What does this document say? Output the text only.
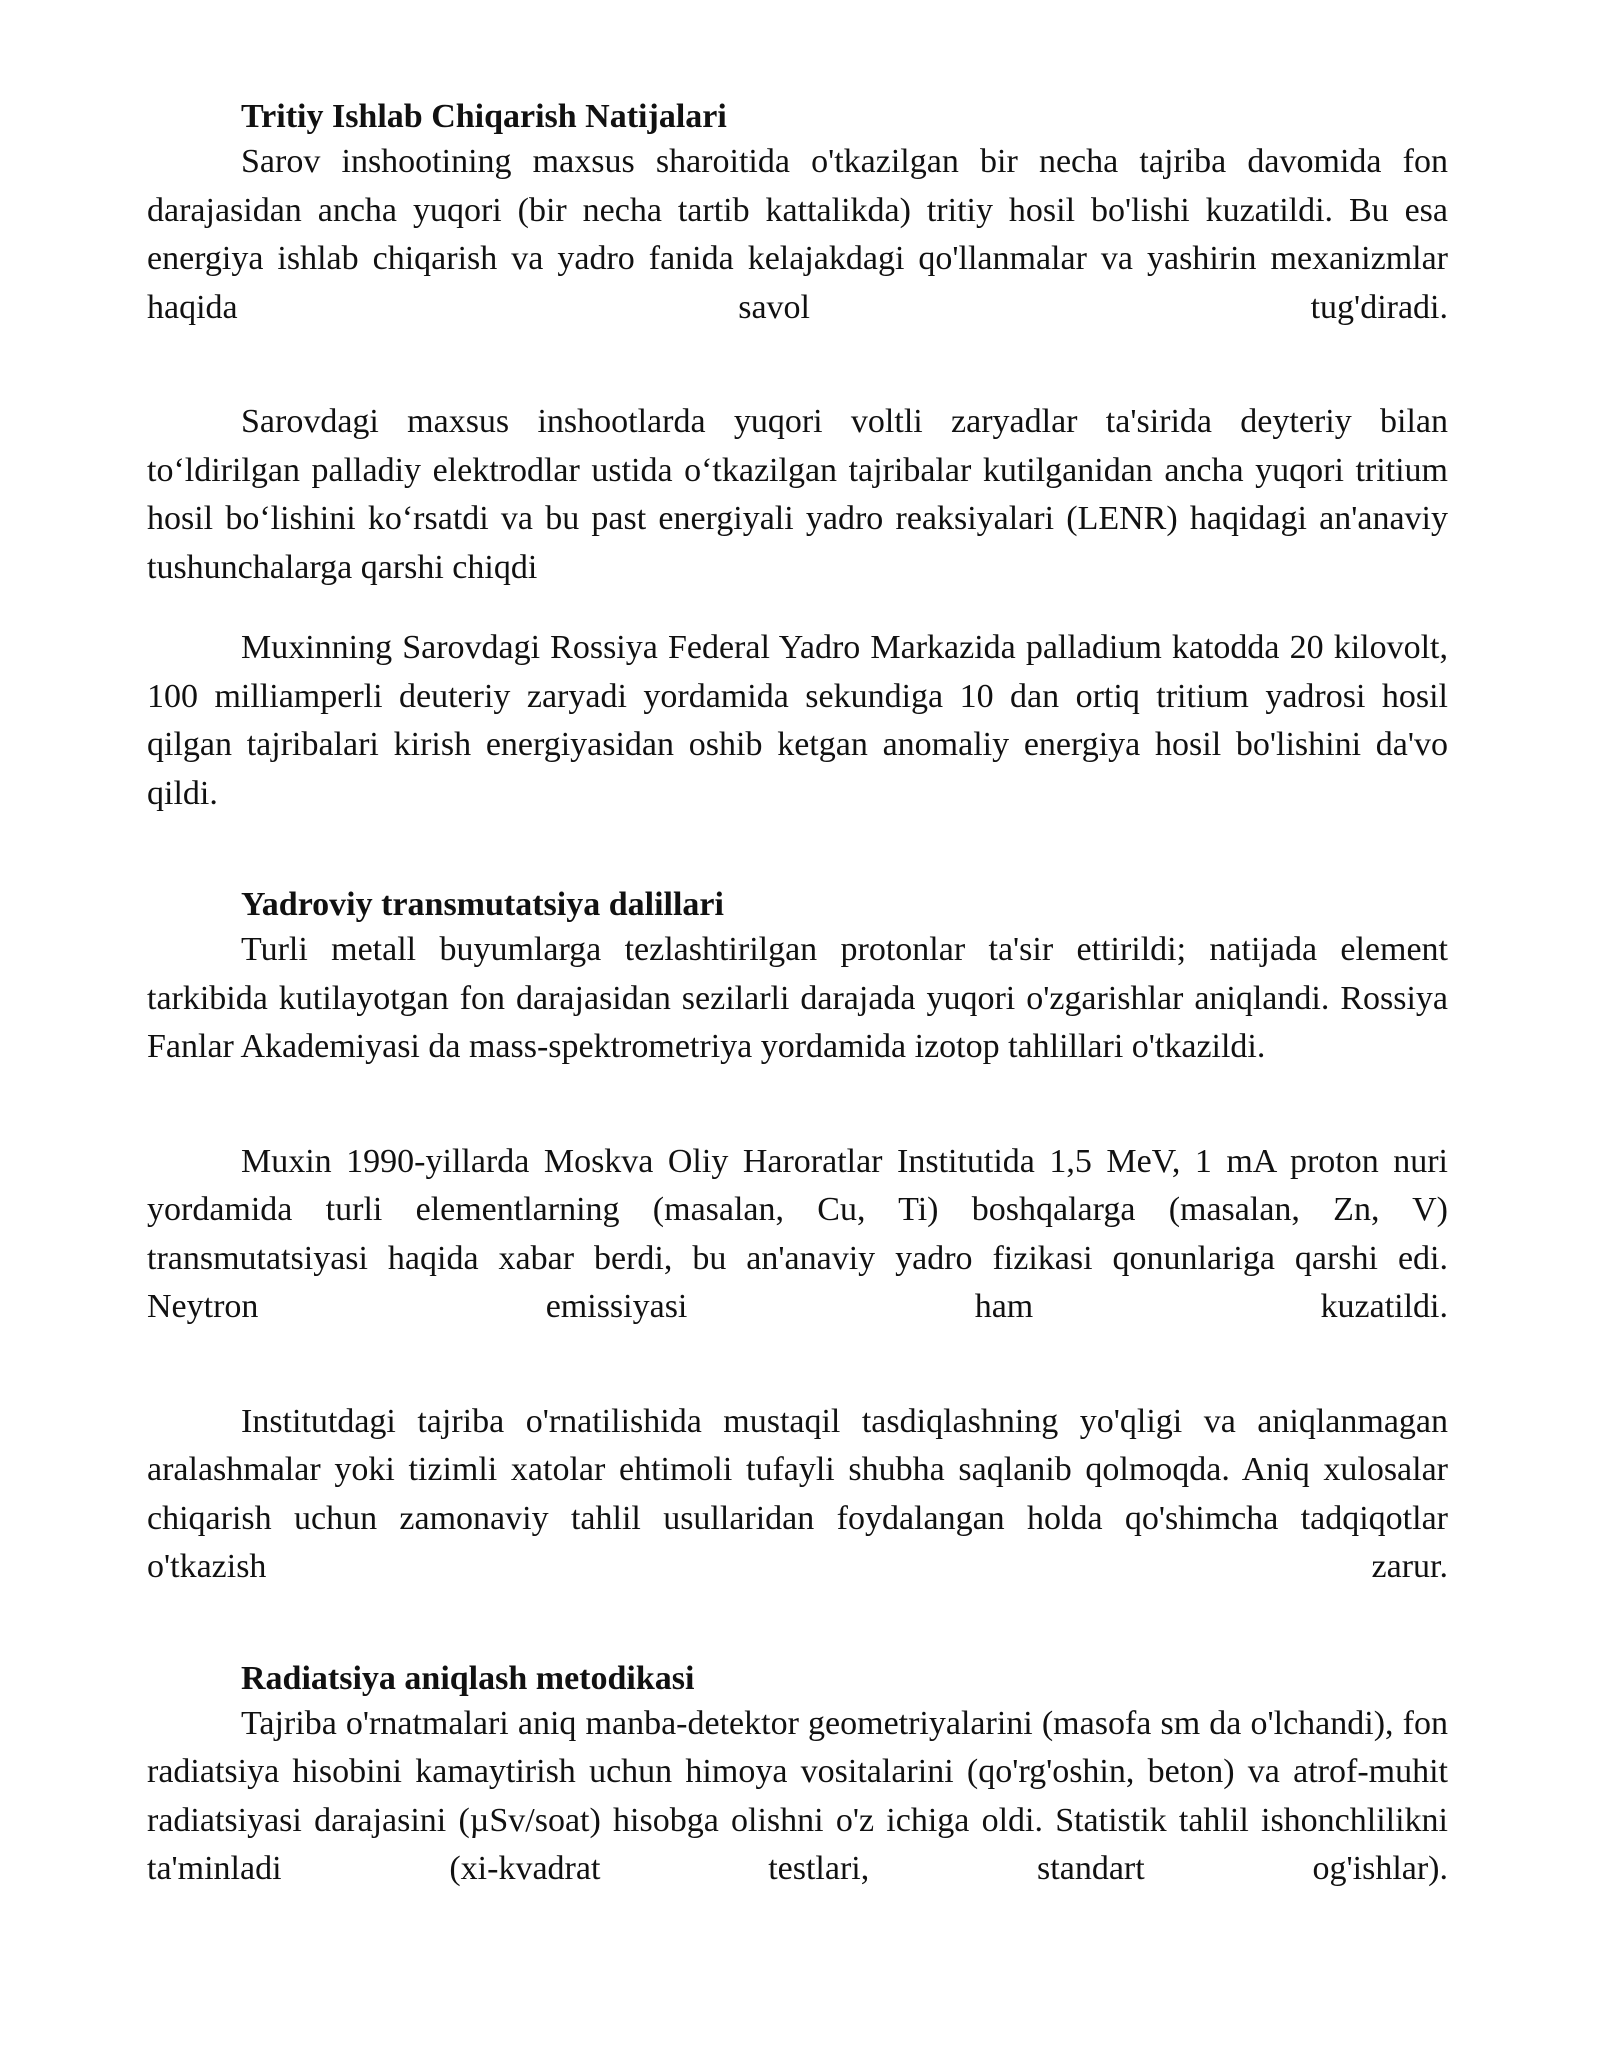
Tritiy Ishlab Chiqarish Natijalari

Sarov inshootining maxsus sharoitida o'tkazilgan bir necha tajriba davomida fon darajasidan ancha yuqori (bir necha tartib kattalikda) tritiy hosil bo'lishi kuzatildi. Bu esa energiya ishlab chiqarish va yadro fanida kelajakdagi qo'llanmalar va yashirin mexanizmlar haqida savol tug'diradi.

Sarovdagi maxsus inshootlarda yuqori voltli zaryadlar ta'sirida deyteriy bilan to‘ldirilgan palladiy elektrodlar ustida o‘tkazilgan tajribalar kutilganidan ancha yuqori tritium hosil bo‘lishini ko‘rsatdi va bu past energiyali yadro reaksiyalari (LENR) haqidagi an'anaviy tushunchalarga qarshi chiqdi

Muxinning Sarovdagi Rossiya Federal Yadro Markazida palladium katodda 20 kilovolt, 100 milliamperli deuteriy zaryadi yordamida sekundiga 10 dan ortiq tritium yadrosi hosil qilgan tajribalari kirish energiyasidan oshib ketgan anomaliy energiya hosil bo'lishini da'vo qildi.

Yadroviy transmutatsiya dalillari

Turli metall buyumlarga tezlashtirilgan protonlar ta'sir ettirildi; natijada element tarkibida kutilayotgan fon darajasidan sezilarli darajada yuqori o'zgarishlar aniqlandi. Rossiya Fanlar Akademiyasi da mass-spektrometriya yordamida izotop tahlillari o'tkazildi.

Muxin 1990-yillarda Moskva Oliy Haroratlar Institutida 1,5 MeV, 1 mA proton nuri yordamida turli elementlarning (masalan, Cu, Ti) boshqalarga (masalan, Zn, V) transmutatsiyasi haqida xabar berdi, bu an'anaviy yadro fizikasi qonunlariga qarshi edi. Neytron emissiyasi ham kuzatildi.

Institutdagi tajriba o'rnatilishida mustaqil tasdiqlashning yo'qligi va aniqlanmagan aralashmalar yoki tizimli xatolar ehtimoli tufayli shubha saqlanib qolmoqda. Aniq xulosalar chiqarish uchun zamonaviy tahlil usullaridan foydalangan holda qo'shimcha tadqiqotlar o'tkazish zarur.

Radiatsiya aniqlash metodikasi

Tajriba o'rnatmalari aniq manba-detektor geometriyalarini (masofa sm da o'lchandi), fon radiatsiya hisobini kamaytirish uchun himoya vositalarini (qo'rg'oshin, beton) va atrof-muhit radiatsiyasi darajasini (µSv/soat) hisobga olishni o'z ichiga oldi. Statistik tahlil ishonchlilikni ta'minladi (xi-kvadrat testlari, standart og'ishlar).
